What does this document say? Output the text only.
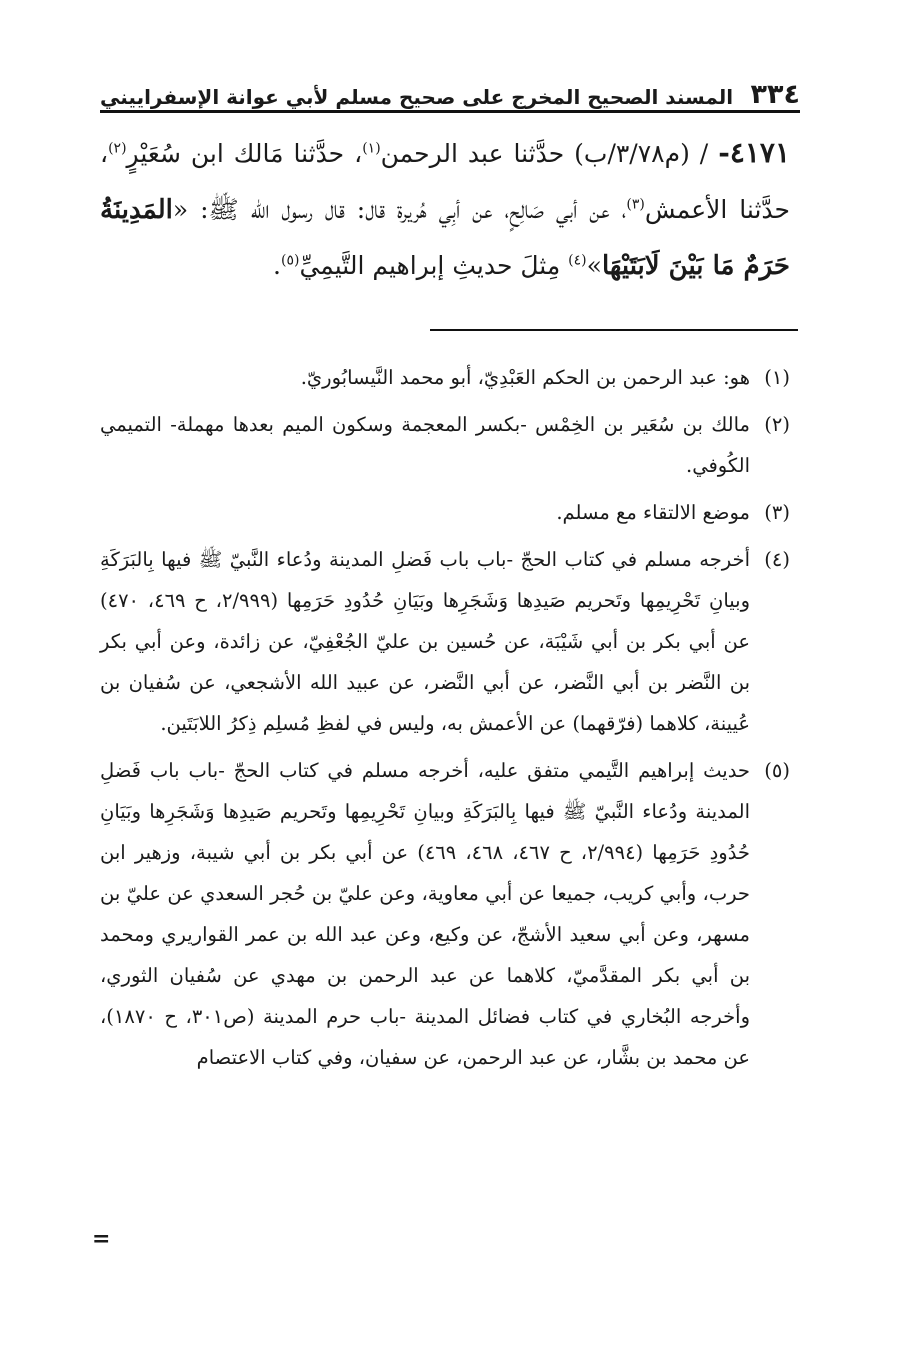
٣٣٤
المسند الصحيح المخرج على صحيح مسلم لأبي عوانة الإسفراييني

٤١٧١- / (م٣/٧٨/ب) حدَّثنا عبد الرحمن$^{(١)}$، حدَّثنا مَالك ابن سُعَيْرٍ$^{(٢)}$، حدَّثنا الأعمش$^{(٣)}$، عن أبي صَالِحٍ، عن أبِي هُريرة قال: قال رسول الله ﷺ: «المَدِينَةُ حَرَمٌ مَا بَيْنَ لَابَتَيْهَا»$^{(٤)}$ مِثلَ حديثِ إبراهيم التَّيمِيِّ$^{(٥)}$.

(١)
هو: عبد الرحمن بن الحكم العَبْدِيّ، أبو محمد النَّيسابُوريّ.

(٢)
مالك بن سُعَير بن الخِمْس -بكسر المعجمة وسكون الميم بعدها مهملة- التميمي الكُوفي.

(٣)
موضع الالتقاء مع مسلم.

(٤)
أخرجه مسلم في كتاب الحجّ -باب باب فَضلِ المدينة ودُعاء النَّبيّ ﷺ فيها بِالبَرَكَةِ وبيانِ تَحْرِيمِها وتَحريم صَيدِها وَشَجَرِها وبَيَانِ حُدُودِ حَرَمِها (٢/٩٩٩، ح ٤٦٩، ٤٧٠) عن أبي بكر بن أبي شَيْبَة، عن حُسين بن عليّ الجُعْفِيّ، عن زائدة، وعن أبي بكر بن النَّضر بن أبي النَّضر، عن أبي النَّضر، عن عبيد الله الأشجعي، عن سُفيان بن عُيينة، كلاهما (فرّقهما) عن الأعمش به، وليس في لفظِ مُسلِم ذِكرُ اللابَتَين.

(٥)
حديث إبراهيم التَّيمي متفق عليه، أخرجه مسلم في كتاب الحجّ -باب باب فَضلِ المدينة ودُعاء النَّبيّ ﷺ فيها بِالبَرَكَةِ وبيانِ تَحْرِيمِها وتَحريم صَيدِها وَشَجَرِها وبَيَانِ حُدُودِ حَرَمِها (٢/٩٩٤، ح ٤٦٧، ٤٦٨، ٤٦٩) عن أبي بكر بن أبي شيبة، وزهير ابن حرب، وأبي كريب، جميعا عن أبي معاوية، وعن عليّ بن حُجر السعدي عن عليّ بن مسهر، وعن أبي سعيد الأشجّ، عن وكيع، وعن عبد الله بن عمر القواريري ومحمد بن أبي بكر المقدَّميّ، كلاهما عن عبد الرحمن بن مهدي عن سُفيان الثوري، وأخرجه البُخاري في كتاب فضائل المدينة -باب حرم المدينة (ص٣٠١، ح ١٨٧٠)، عن محمد بن بشَّار، عن عبد الرحمن، عن سفيان، وفي كتاب الاعتصام

=
